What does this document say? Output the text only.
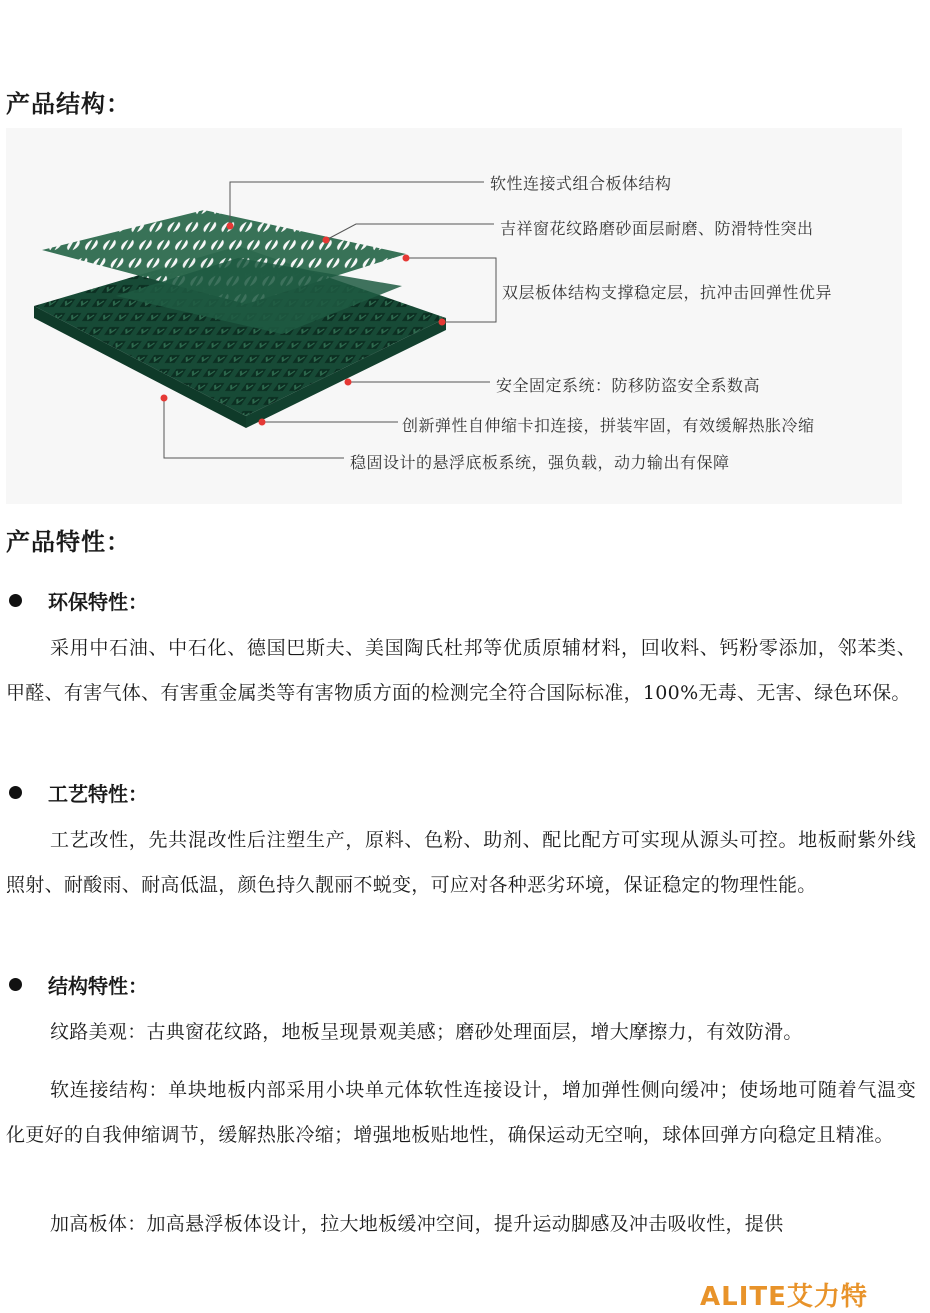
产品结构：
软性连接式组合板体结构
吉祥窗花纹路磨砂面层耐磨、防滑特性突出
双层板体结构支撑稳定层，抗冲击回弹性优异
安全固定系统：防移防盗安全系数高
创新弹性自伸缩卡扣连接，拼装牢固，有效缓解热胀冷缩
稳固设计的悬浮底板系统，强负载，动力输出有保障
产品特性：
环保特性：

采用中石油、中石化、德国巴斯夫、美国陶氏杜邦等优质原辅材料，回收料、钙粉零添加，邻苯类、甲醛、有害气体、有害重金属类等有害物质方面的检测完全符合国际标准，100%无毒、无害、绿色环保。

工艺特性：

工艺改性，先共混改性后注塑生产，原料、色粉、助剂、配比配方可实现从源头可控。地板耐紫外线照射、耐酸雨、耐高低温，颜色持久靓丽不蜕变，可应对各种恶劣环境，保证稳定的物理性能。

结构特性：

纹路美观：古典窗花纹路，地板呈现景观美感；磨砂处理面层，增大摩擦力，有效防滑。

软连接结构：单块地板内部采用小块单元体软性连接设计，增加弹性侧向缓冲；使场地可随着气温变化更好的自我伸缩调节，缓解热胀冷缩；增强地板贴地性，确保运动无空响，球体回弹方向稳定且精准。

加高板体：加高悬浮板体设计，拉大地板缓冲空间，提升运动脚感及冲击吸收性，提供

ALITE艾力特
